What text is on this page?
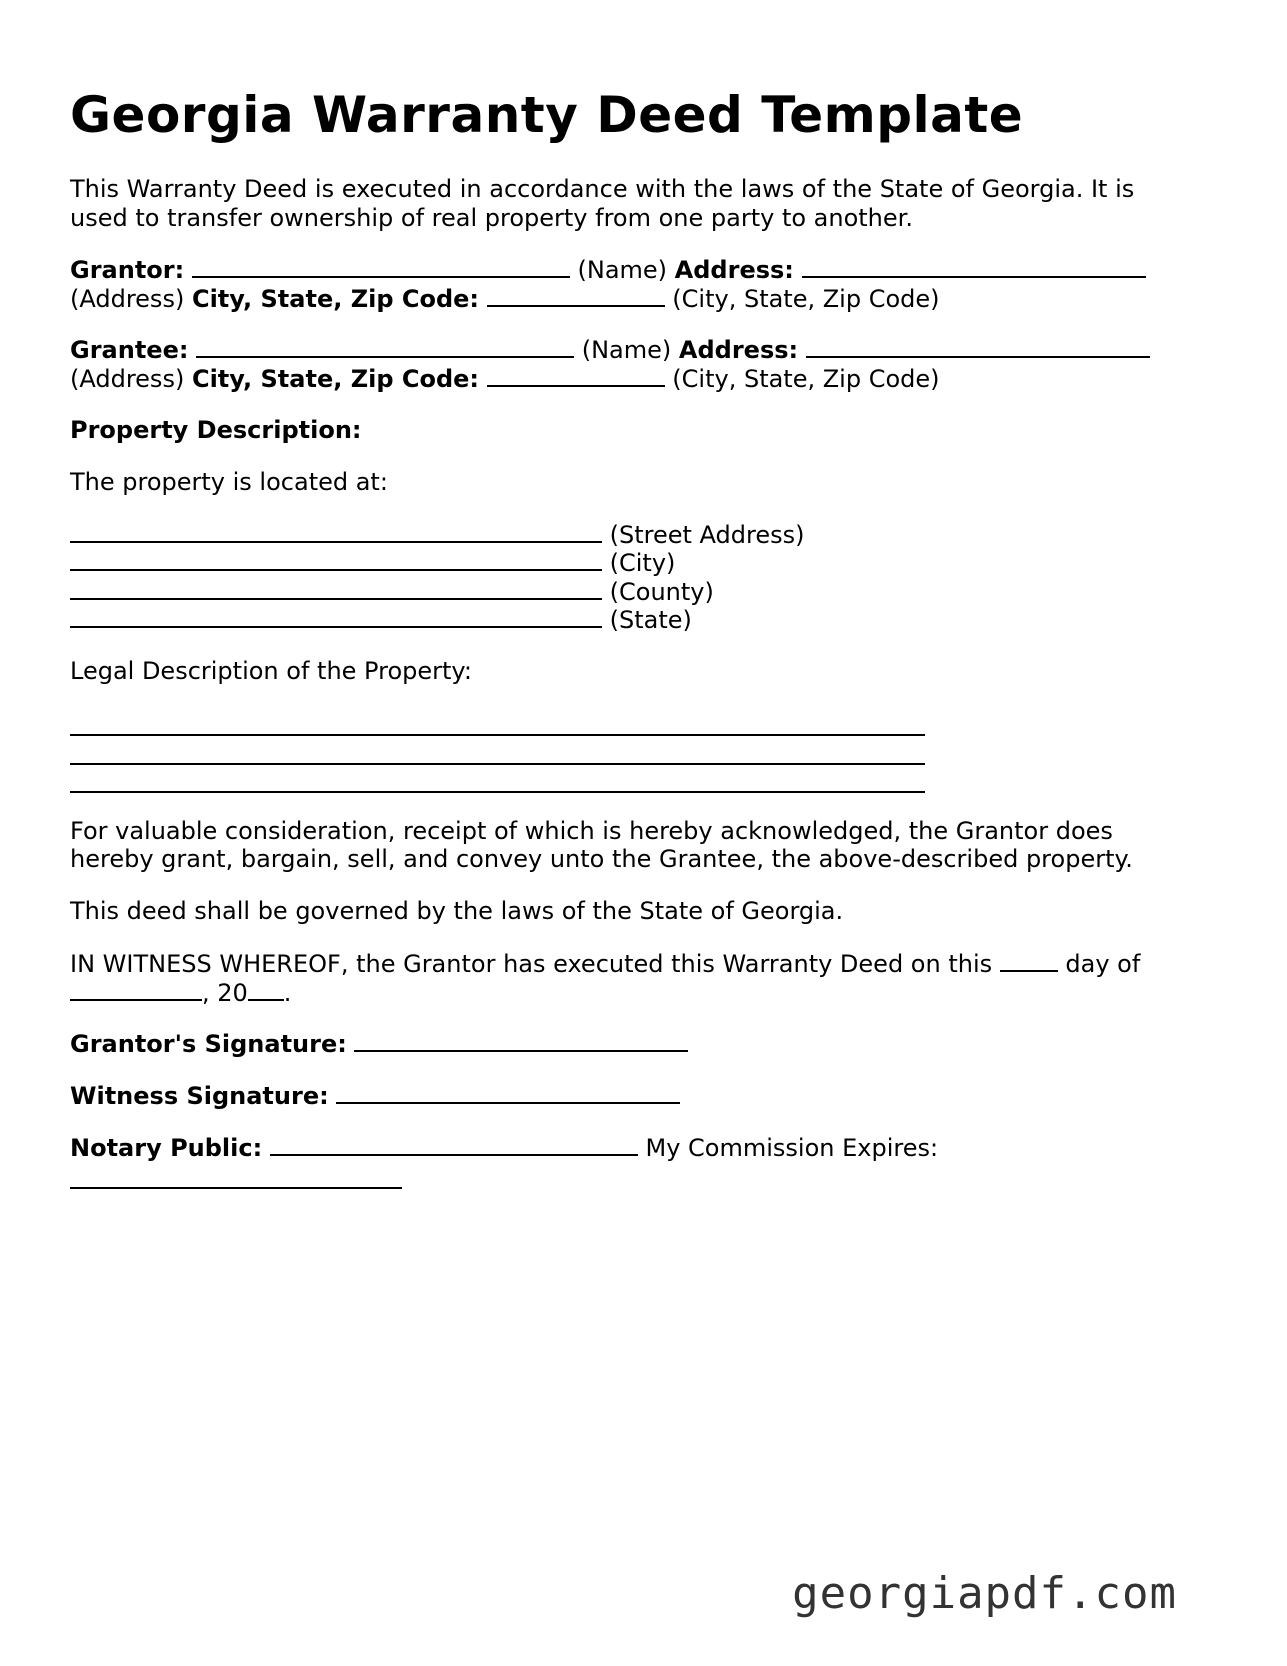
Georgia Warranty Deed Template
This Warranty Deed is executed in accordance with the laws of the State of Georgia. It is
used to transfer ownership of real property from one party to another.
Grantor:	(Name) Address:
(Address) City, State, Zip Code:	(City, State, Zip Code)
Grantee:	(Name) Address:
(Address) City, State, Zip Code:	(City, State, Zip Code)
Property Description:
The property is located at:
(Street Address)
(City)
(County)
(State)
Legal Description of the Property:
For valuable consideration, receipt of which is hereby acknowledged, the Grantor does
hereby grant, bargain, sell, and convey unto the Grantee, the above-described property.
This deed shall be governed by the laws of the State of Georgia.
IN WITNESS WHEREOF, the Grantor has executed this Warranty Deed on this	day of
, 20 .
Grantor's Signature:
Witness Signature:
Notary Public:	My Commission Expires:
georgiapdf.com
